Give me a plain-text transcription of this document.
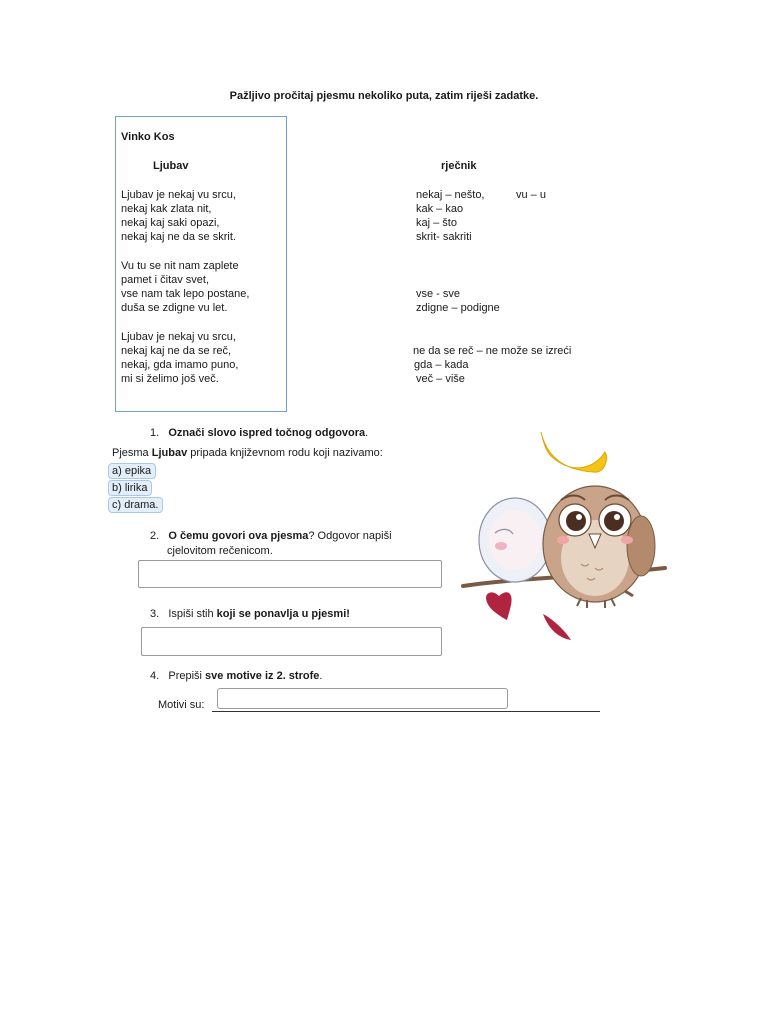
Pažljivo pročitaj pjesmu nekoliko puta, zatim riješi zadatke.
Vinko Kos
Ljubav	rječnik
Ljubav je nekaj vu srcu,
nekaj kak zlata nit,
nekaj kaj saki opazi,
nekaj kaj ne da se skrit.
Vu tu se nit nam zaplete
pamet i čitav svet,
vse nam tak lepo postane,
duša se zdigne vu let.
Ljubav je nekaj vu srcu,
nekaj kaj ne da se reč,
nekaj, gda imamo puno,
mi si želimo još več.
nekaj – nešto,	vu – u
kak – kao
kaj – što
skrit- sakriti
vse - sve
zdigne – podigne
ne da se reč – ne može se izreći
gda – kada
več – više
1. Označi slovo ispred točnog odgovora.
Pjesma Ljubav pripada književnom rodu koji nazivamo:
a) epika
b) lirika
c) drama.
2. O čemu govori ova pjesma? Odgovor napiši
cjelovitom rečenicom.
3. Ispiši stih koji se ponavlja u pjesmi!
4. Prepiši sve motive iz 2. strofe.
Motivi su:
